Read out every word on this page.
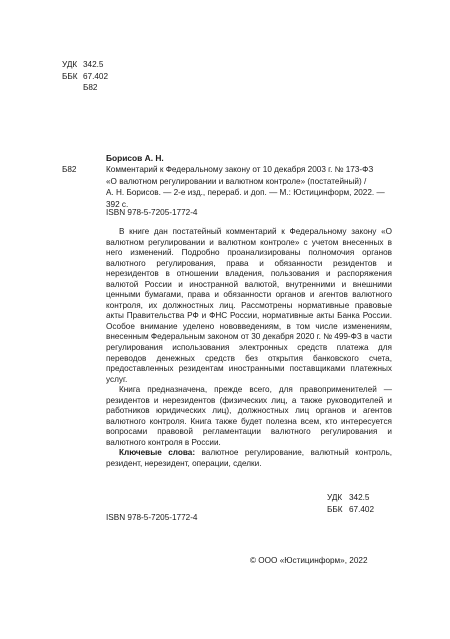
УДК 342.5
ББК 67.402
Б82
Борисов А. Н.
Б82	Комментарий к Федеральному закону от 10 декабря 2003 г. № 173-ФЗ
«О валютном регулировании и валютном контроле» (постатейный) /
А. Н. Борисов. — 2-е изд., перераб. и доп. — М.: Юстицинформ, 2022. —
392 с.
ISBN 978-5-7205-1772-4

В книге дан постатейный комментарий к Федеральному закону «О валютном регулировании и валютном контроле» с учетом внесенных в него изменений. Подробно проанализированы полномочия органов валютного регулирования, права и обязанности резидентов и нерезидентов в отношении владения, пользования и распоряжения валютой России и иностранной валютой, внутренними и внешними ценными бумагами, права и обязанности органов и агентов валютного контроля, их должностных лиц. Рассмотрены нормативные правовые акты Правительства РФ и ФНС России, нормативные акты Банка России. Особое внимание уделено нововведениям, в том числе изменениям, внесенным Федеральным законом от 30 декабря 2020 г. № 499-ФЗ в части регулирования использования электронных средств платежа для переводов денежных средств без открытия банковского счета, предоставленных резидентам иностранными поставщиками платежных услуг.

Книга предназначена, прежде всего, для правоприменителей — резидентов и нерезидентов (физических лиц, а также руководителей и работников юридических лиц), должностных лиц органов и агентов валютного контроля. Книга также будет полезна всем, кто интересуется вопросами правовой регламентации валютного регулирования и валютного контроля в России.

Ключевые слова: валютное регулирование, валютный контроль, резидент, нерезидент, операции, сделки.

УДК 342.5
ББК 67.402
ISBN 978-5-7205-1772-4
© ООО «Юстицинформ», 2022
